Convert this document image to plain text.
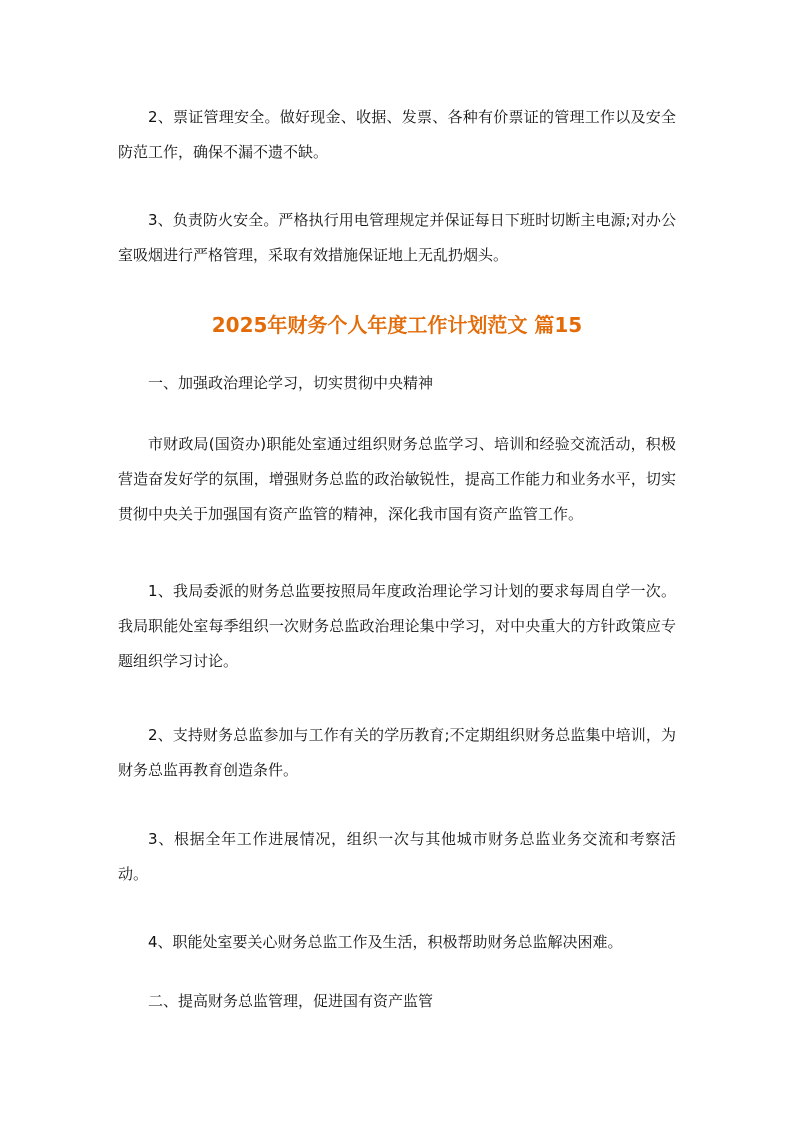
2、票证管理安全。做好现金、收据、发票、各种有价票证的管理工作以及安全防范工作，确保不漏不遗不缺。

3、负责防火安全。严格执行用电管理规定并保证每日下班时切断主电源;对办公室吸烟进行严格管理，采取有效措施保证地上无乱扔烟头。

2025年财务个人年度工作计划范文 篇15

一、加强政治理论学习，切实贯彻中央精神

市财政局(国资办)职能处室通过组织财务总监学习、培训和经验交流活动，积极营造奋发好学的氛围，增强财务总监的政治敏锐性，提高工作能力和业务水平，切实贯彻中央关于加强国有资产监管的精神，深化我市国有资产监管工作。

1、我局委派的财务总监要按照局年度政治理论学习计划的要求每周自学一次。我局职能处室每季组织一次财务总监政治理论集中学习，对中央重大的方针政策应专题组织学习讨论。

2、支持财务总监参加与工作有关的学历教育;不定期组织财务总监集中培训，为财务总监再教育创造条件。

3、根据全年工作进展情况，组织一次与其他城市财务总监业务交流和考察活动。

4、职能处室要关心财务总监工作及生活，积极帮助财务总监解决困难。

二、提高财务总监管理，促进国有资产监管
